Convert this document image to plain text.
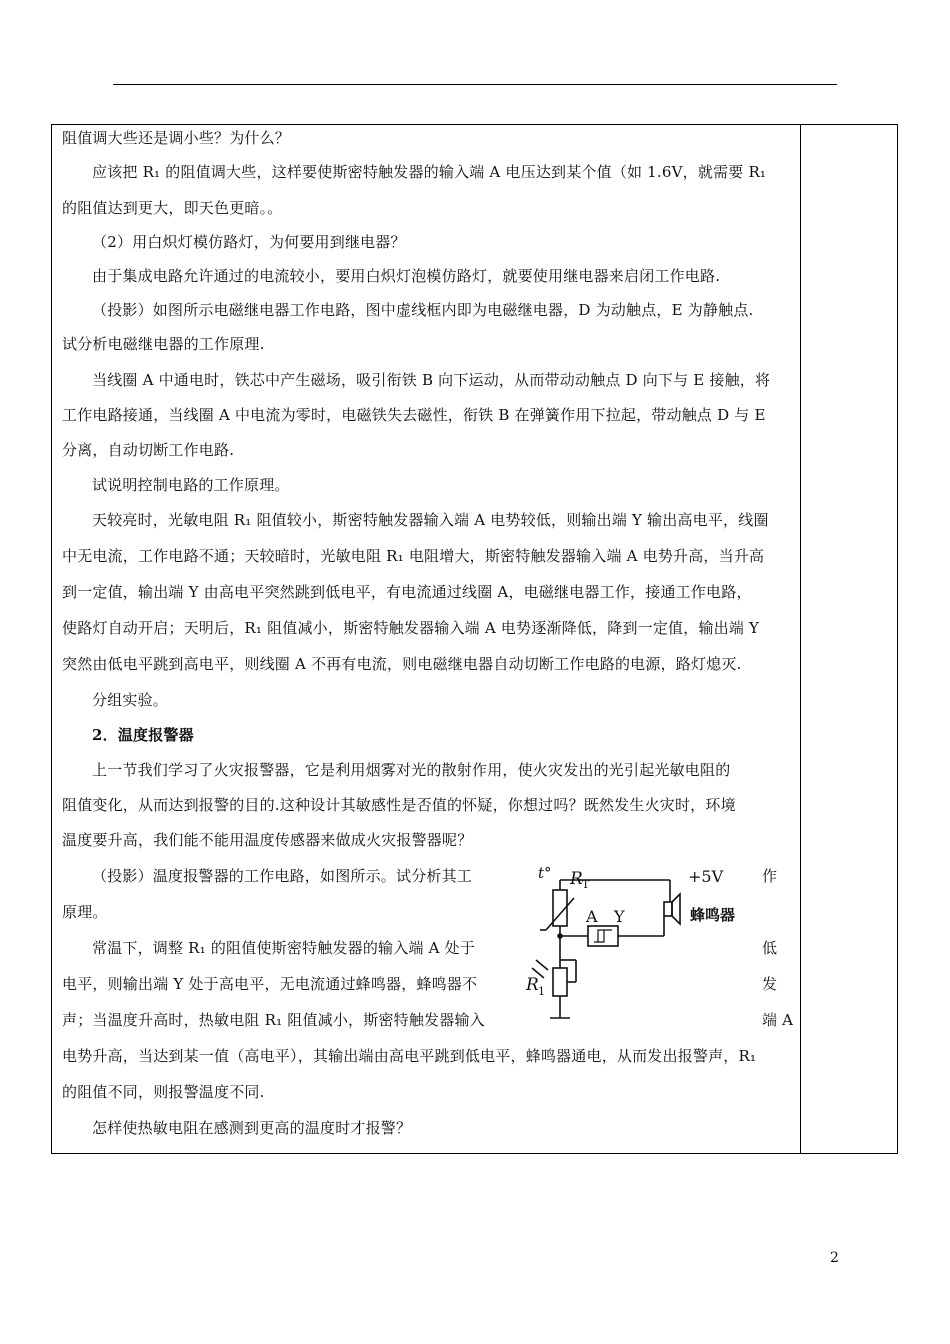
阻值调大些还是调小些？为什么？
应该把 R₁ 的阻值调大些，这样要使斯密特触发器的输入端 A 电压达到某个值（如 1.6V，就需要 R₁
的阻值达到更大，即天色更暗。。
（2）用白炽灯模仿路灯，为何要用到继电器？
由于集成电路允许通过的电流较小，要用白炽灯泡模仿路灯，就要使用继电器来启闭工作电路.
（投影）如图所示电磁继电器工作电路，图中虚线框内即为电磁继电器，D 为动触点，E 为静触点.
试分析电磁继电器的工作原理.
当线圈 A 中通电时，铁芯中产生磁场，吸引衔铁 B 向下运动，从而带动动触点 D 向下与 E 接触，将
工作电路接通，当线圈 A 中电流为零时，电磁铁失去磁性，衔铁 B 在弹簧作用下拉起，带动触点 D 与 E
分离，自动切断工作电路.
试说明控制电路的工作原理。
天较亮时，光敏电阻 R₁ 阻值较小，斯密特触发器输入端 A 电势较低，则输出端 Y 输出高电平，线圈
中无电流，工作电路不通；天较暗时，光敏电阻 R₁ 电阻增大，斯密特触发器输入端 A 电势升高，当升高
到一定值，输出端 Y 由高电平突然跳到低电平，有电流通过线圈 A，电磁继电器工作，接通工作电路，
使路灯自动开启；天明后，R₁ 阻值减小，斯密特触发器输入端 A 电势逐渐降低，降到一定值，输出端 Y
突然由低电平跳到高电平，则线圈 A 不再有电流，则电磁继电器自动切断工作电路的电源，路灯熄灭.
分组实验。
2．温度报警器
上一节我们学习了火灾报警器，它是利用烟雾对光的散射作用，使火灾发出的光引起光敏电阻的
阻值变化，从而达到报警的目的.这种设计其敏感性是否值的怀疑，你想过吗？既然发生火灾时，环境
温度要升高，我们能不能用温度传感器来做成火灾报警器呢？
（投影）温度报警器的工作电路，如图所示。试分析其工	作
原理。
常温下，调整 R₁ 的阻值使斯密特触发器的输入端 A 处于	低
电平，则输出端 Y 处于高电平，无电流通过蜂鸣器，蜂鸣器不	发
声；当温度升高时，热敏电阻 R₁ 阻值减小，斯密特触发器输入	端 A
电势升高，当达到某一值（高电平），其输出端由高电平跳到低电平，蜂鸣器通电，从而发出报警声，R₁
的阻值不同，则报警温度不同.
怎样使热敏电阻在感测到更高的温度时才报警？
t° R T	+5V
A Y	蜂鸣器
R 1
2
